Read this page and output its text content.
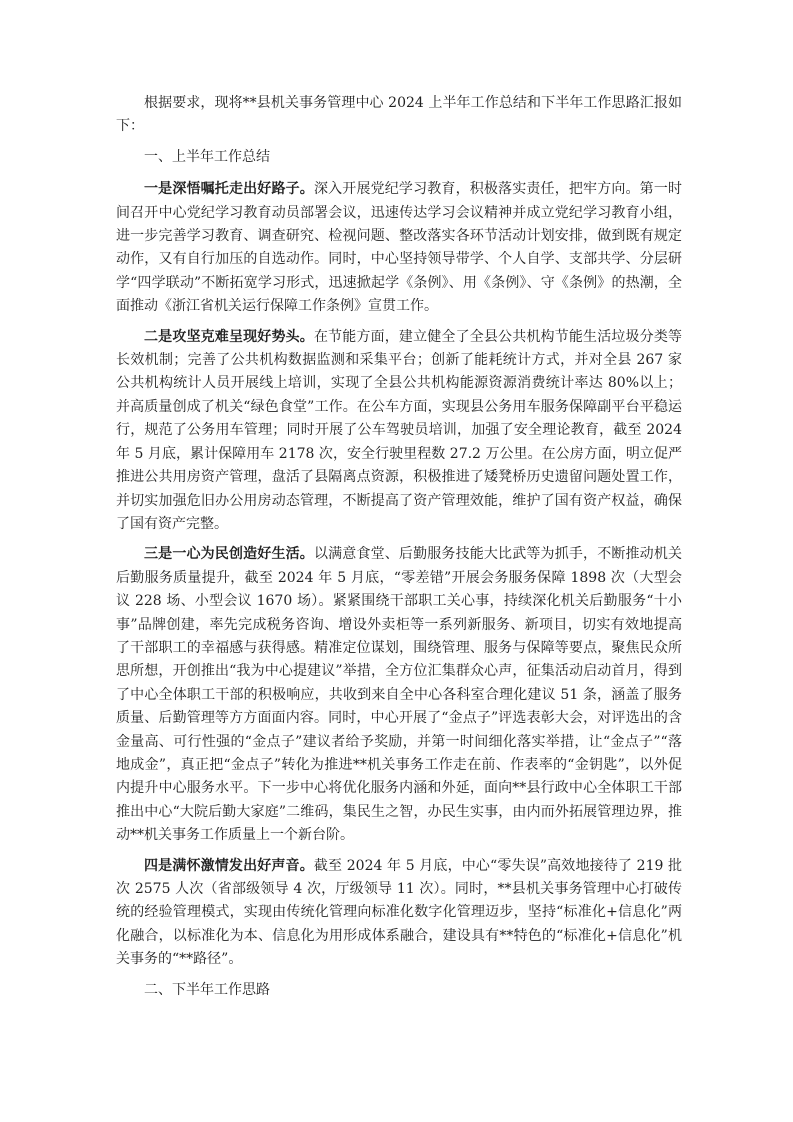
根据要求，现将**县机关事务管理中心 2024 上半年工作总结和下半年工作思路汇报如下：

一、上半年工作总结

一是深悟嘱托走出好路子。深入开展党纪学习教育，积极落实责任，把牢方向。第一时间召开中心党纪学习教育动员部署会议，迅速传达学习会议精神并成立党纪学习教育小组，进一步完善学习教育、调查研究、检视问题、整改落实各环节活动计划安排，做到既有规定动作，又有自行加压的自选动作。同时，中心坚持领导带学、个人自学、支部共学、分层研学“四学联动”不断拓宽学习形式，迅速掀起学《条例》、用《条例》、守《条例》的热潮，全面推动《浙江省机关运行保障工作条例》宣贯工作。

二是攻坚克难呈现好势头。在节能方面，建立健全了全县公共机构节能生活垃圾分类等长效机制；完善了公共机构数据监测和采集平台；创新了能耗统计方式，并对全县 267 家公共机构统计人员开展线上培训，实现了全县公共机构能源资源消费统计率达 80%以上；并高质量创成了机关“绿色食堂”工作。在公车方面，实现县公务用车服务保障副平台平稳运行，规范了公务用车管理；同时开展了公车驾驶员培训，加强了安全理论教育，截至 2024 年 5 月底，累计保障用车 2178 次，安全行驶里程数 27.2 万公里。在公房方面，明立促严推进公共用房资产管理，盘活了县隔离点资源，积极推进了矮凳桥历史遗留问题处置工作，并切实加强危旧办公用房动态管理，不断提高了资产管理效能，维护了国有资产权益，确保了国有资产完整。

三是一心为民创造好生活。以满意食堂、后勤服务技能大比武等为抓手，不断推动机关后勤服务质量提升，截至 2024 年 5 月底，“零差错”开展会务服务保障 1898 次（大型会议 228 场、小型会议 1670 场）。紧紧围绕干部职工关心事，持续深化机关后勤服务“十小事”品牌创建，率先完成税务咨询、增设外卖柜等一系列新服务、新项目，切实有效地提高了干部职工的幸福感与获得感。精准定位谋划，围绕管理、服务与保障等要点，聚焦民众所思所想，开创推出“我为中心提建议”举措，全方位汇集群众心声，征集活动启动首月，得到了中心全体职工干部的积极响应，共收到来自全中心各科室合理化建议 51 条，涵盖了服务质量、后勤管理等方方面面内容。同时，中心开展了“金点子”评选表彰大会，对评选出的含金量高、可行性强的“金点子”建议者给予奖励，并第一时间细化落实举措，让“金点子”“落地成金”，真正把“金点子”转化为推进**机关事务工作走在前、作表率的“金钥匙”，以外促内提升中心服务水平。下一步中心将优化服务内涵和外延，面向**县行政中心全体职工干部推出中心“大院后勤大家庭”二维码，集民生之智，办民生实事，由内而外拓展管理边界，推动**机关事务工作质量上一个新台阶。

四是满怀激情发出好声音。截至 2024 年 5 月底，中心“零失误”高效地接待了 219 批次 2575 人次（省部级领导 4 次，厅级领导 11 次）。同时，**县机关事务管理中心打破传统的经验管理模式，实现由传统化管理向标准化数字化管理迈步，坚持“标准化+信息化”两化融合，以标准化为本、信息化为用形成体系融合，建设具有**特色的“标准化+信息化”机关事务的“**路径”。

二、下半年工作思路
